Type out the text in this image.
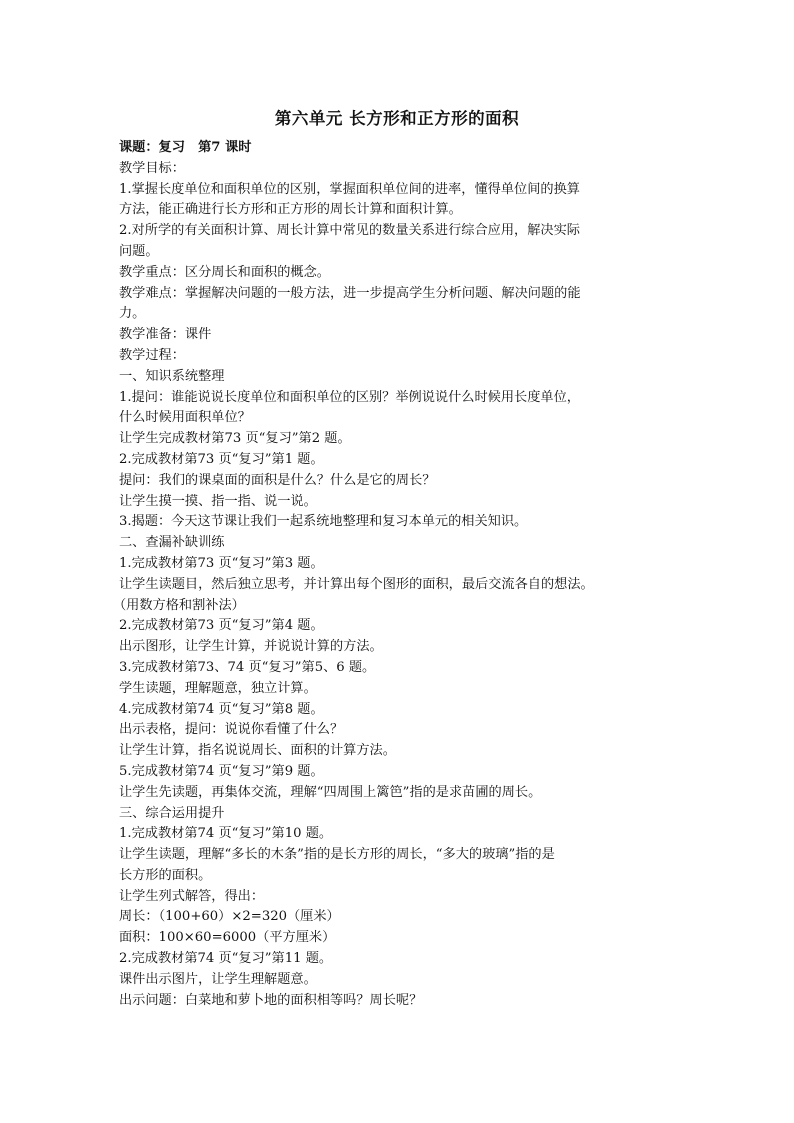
第六单元 长方形和正方形的面积
课题：复习　第7 课时
教学目标：
1.掌握长度单位和面积单位的区别，掌握面积单位间的进率，懂得单位间的换算
方法，能正确进行长方形和正方形的周长计算和面积计算。
2.对所学的有关面积计算、周长计算中常见的数量关系进行综合应用，解决实际
问题。
教学重点：区分周长和面积的概念。
教学难点：掌握解决问题的一般方法，进一步提高学生分析问题、解决问题的能
力。
教学准备：课件
教学过程：
一、知识系统整理
1.提问：谁能说说长度单位和面积单位的区别？举例说说什么时候用长度单位，
什么时候用面积单位？
让学生完成教材第73 页“复习”第2 题。
2.完成教材第73 页“复习”第1 题。
提问：我们的课桌面的面积是什么？什么是它的周长？
让学生摸一摸、指一指、说一说。
3.揭题：今天这节课让我们一起系统地整理和复习本单元的相关知识。
二、查漏补缺训练
1.完成教材第73 页“复习”第3 题。
让学生读题目，然后独立思考，并计算出每个图形的面积，最后交流各自的想法。
（用数方格和割补法）
2.完成教材第73 页“复习”第4 题。
出示图形，让学生计算，并说说计算的方法。
3.完成教材第73、74 页“复习”第5、6 题。
学生读题，理解题意，独立计算。
4.完成教材第74 页“复习”第8 题。
出示表格，提问：说说你看懂了什么？
让学生计算，指名说说周长、面积的计算方法。
5.完成教材第74 页“复习”第9 题。
让学生先读题，再集体交流，理解“四周围上篱笆”指的是求苗圃的周长。
三、综合运用提升
1.完成教材第74 页“复习”第10 题。
让学生读题，理解“多长的木条”指的是长方形的周长，“多大的玻璃”指的是
长方形的面积。
让学生列式解答，得出：
周长：（100+60）×2=320（厘米）
面积：100×60=6000（平方厘米）
2.完成教材第74 页“复习”第11 题。
课件出示图片，让学生理解题意。
出示问题：白菜地和萝卜地的面积相等吗？周长呢？
